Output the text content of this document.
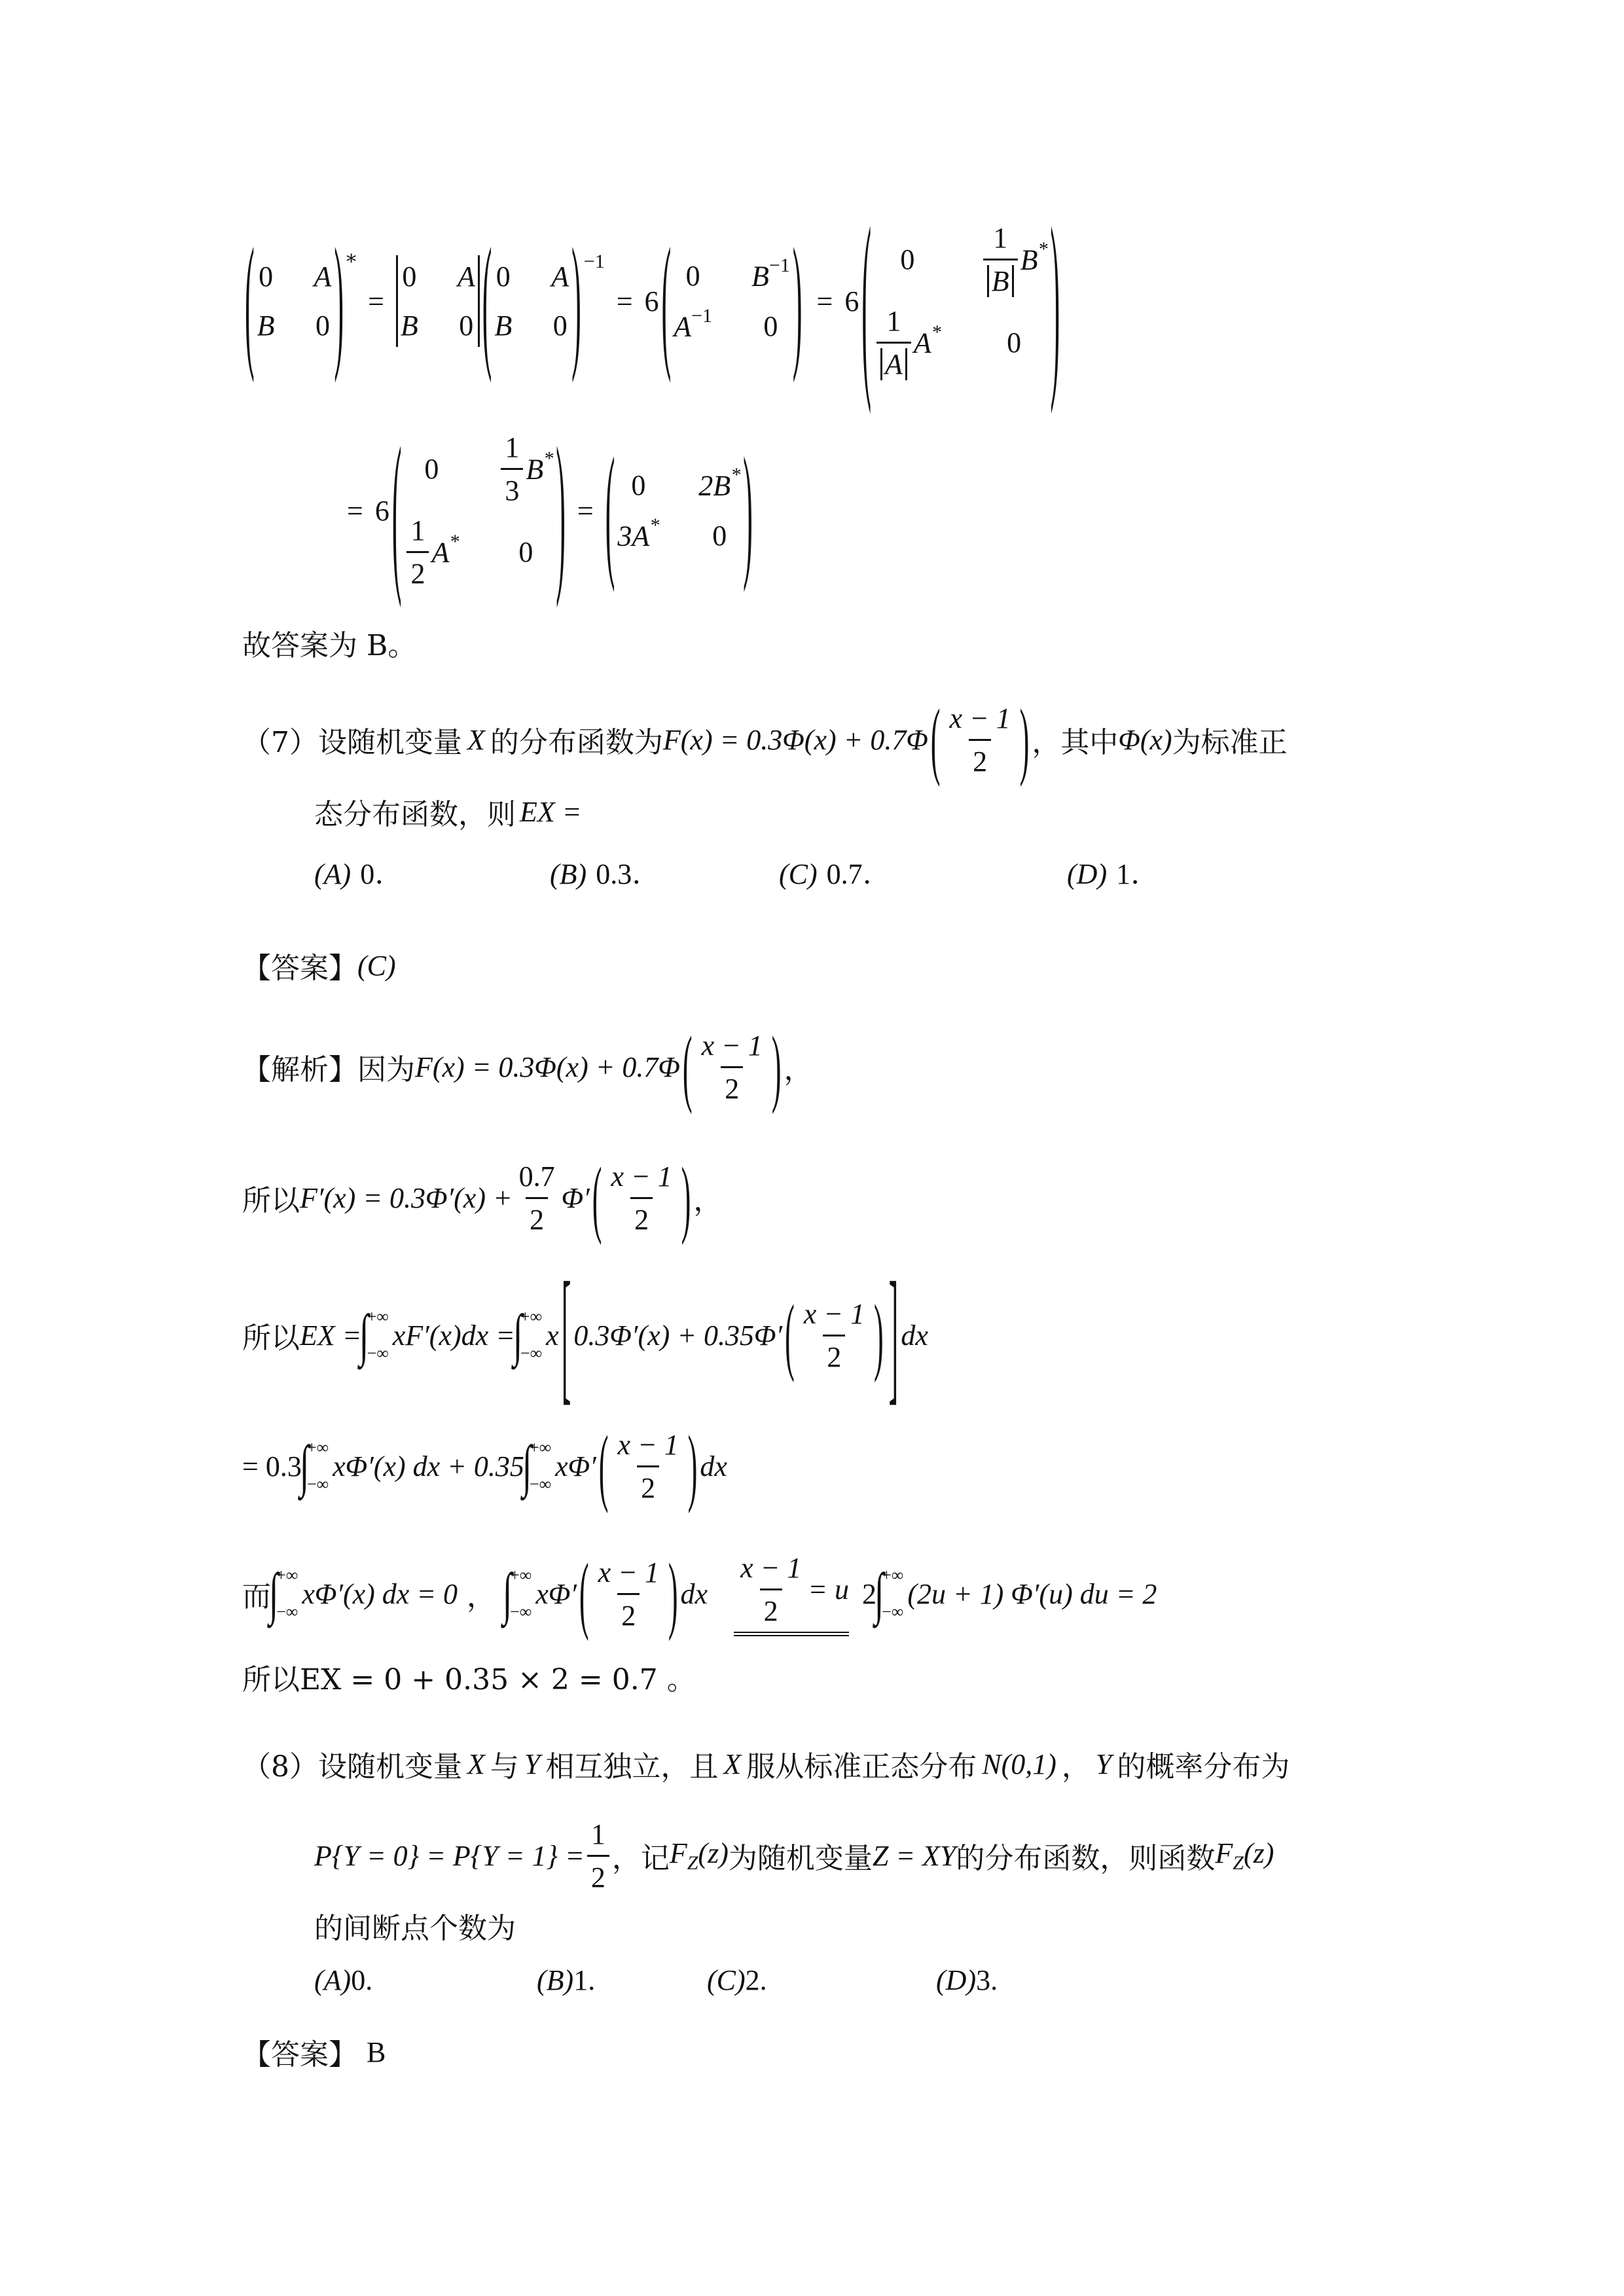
( 0 A
B 0 ) *
=
0 A
B 0 ( 0 A
B 0 ) −1
= 6 ( 0 $B^{-1}$
$A^{-1}$ 0 ) = 6 ( $0 \frac{1}{B} B^*$
$\frac{1}{A} A^*$ 0 )
= 6 ( $0 \frac{1}{3} B^*$
$\frac{1}{2} A^*$ 0 ) = ( 0 2B*
3A* 0 )
故答案为 B。
（7）设随机变量 X 的分布函数为 F(x) = 0.3Φ(x) + 0.7Φ ( $\frac{x - 1}{2}$ ) ，其中 Φ(x) 为标准正
态分布函数，则 EX =
(A) 0.	(B) 0.3.	(C) 0.7.	(D) 1.
【答案】 (C)
【解析】 因为 F(x) = 0.3Φ(x) + 0.7Φ ( $\frac{x - 1}{2}$ ) ，
所以 $F'(x) = 0.3\Phi'(x) + \frac{0.7}{2} \Phi'$ ( $\frac{x - 1}{2}$ ) ，
所以 EX =
∫
+∞
−∞
xF′(x)dx =
∫
+∞
−∞
x [ 0.3Φ′(x) + 0.35Φ′ ( $\frac{x - 1}{2}$ ) ] dx
= 0.3
∫
+∞
−∞
xΦ′(x) dx + 0.35
∫
+∞
−∞
xΦ′ ( $\frac{x - 1}{2}$ ) dx
而
∫
+∞
−∞
xΦ′(x) dx = 0 ， ∫
+∞
−∞
xΦ′ ( $\frac{x - 1}{2}$ ) dx $\frac{x - 1}{2} = u$ 2
∫
+∞
−∞
(2u + 1) Φ′(u) du = 2
所以EX = 0 + 0.35 × 2 = 0.7 。
（8）设随机变量 X 与 Y 相互独立，且 X 服从标准正态分布 N(0,1) ， Y 的概率分布为
$P\{Y = 0\} = P\{Y = 1\} = \frac{1}{2}$ ，记 $F_Z(z)$ 为随机变量 Z = XY 的分布函数，则函数 $F_Z(z)$
的间断点个数为
(A)0.	(B)1.	(C)2.	(D)3.
【答案】 B
